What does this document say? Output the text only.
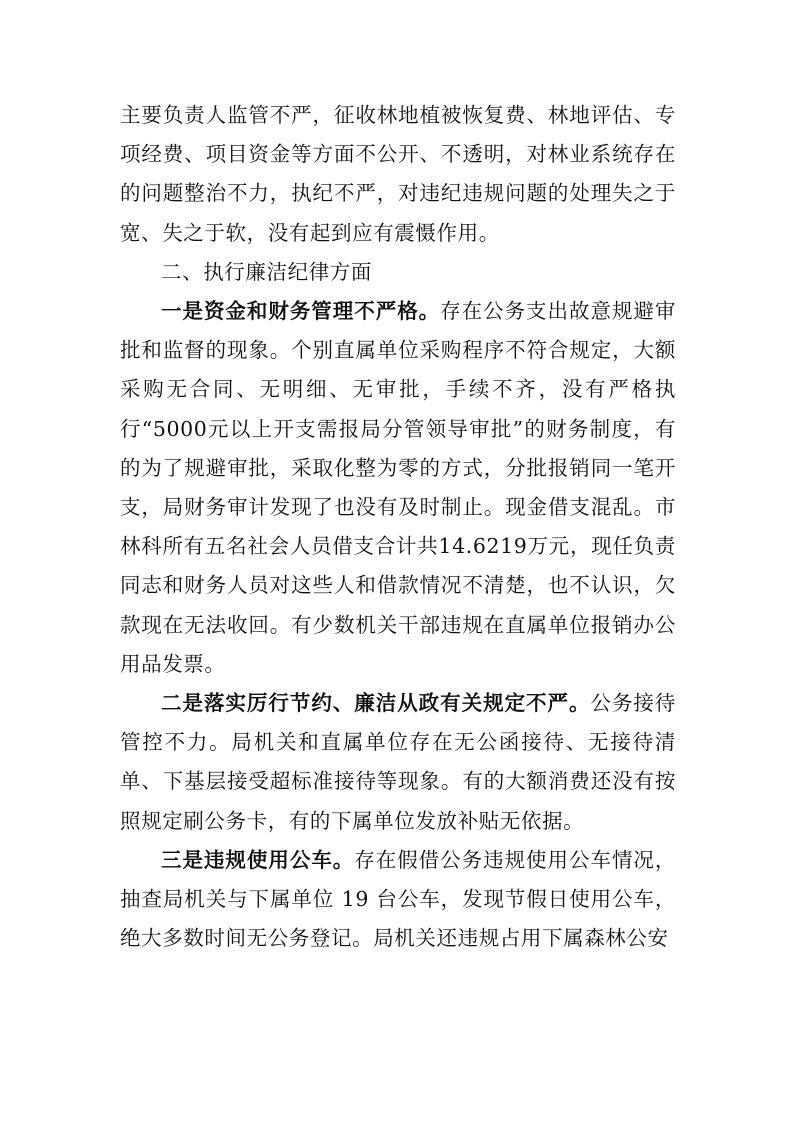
主要负责人监管不严，征收林地植被恢复费、林地评估、专项经费、项目资金等方面不公开、不透明，对林业系统存在的问题整治不力，执纪不严，对违纪违规问题的处理失之于宽、失之于软，没有起到应有震慑作用。

二、执行廉洁纪律方面

一是资金和财务管理不严格。存在公务支出故意规避审批和监督的现象。个别直属单位采购程序不符合规定，大额采购无合同、无明细、无审批，手续不齐，没有严格执行“5000元以上开支需报局分管领导审批”的财务制度，有的为了规避审批，采取化整为零的方式，分批报销同一笔开支，局财务审计发现了也没有及时制止。现金借支混乱。市林科所有五名社会人员借支合计共14.6219万元，现任负责同志和财务人员对这些人和借款情况不清楚，也不认识，欠款现在无法收回。有少数机关干部违规在直属单位报销办公用品发票。

二是落实厉行节约、廉洁从政有关规定不严。公务接待管控不力。局机关和直属单位存在无公函接待、无接待清单、下基层接受超标准接待等现象。有的大额消费还没有按照规定刷公务卡，有的下属单位发放补贴无依据。

三是违规使用公车。存在假借公务违规使用公车情况，抽查局机关与下属单位 19 台公车，发现节假日使用公车，绝大多数时间无公务登记。局机关还违规占用下属森林公安
